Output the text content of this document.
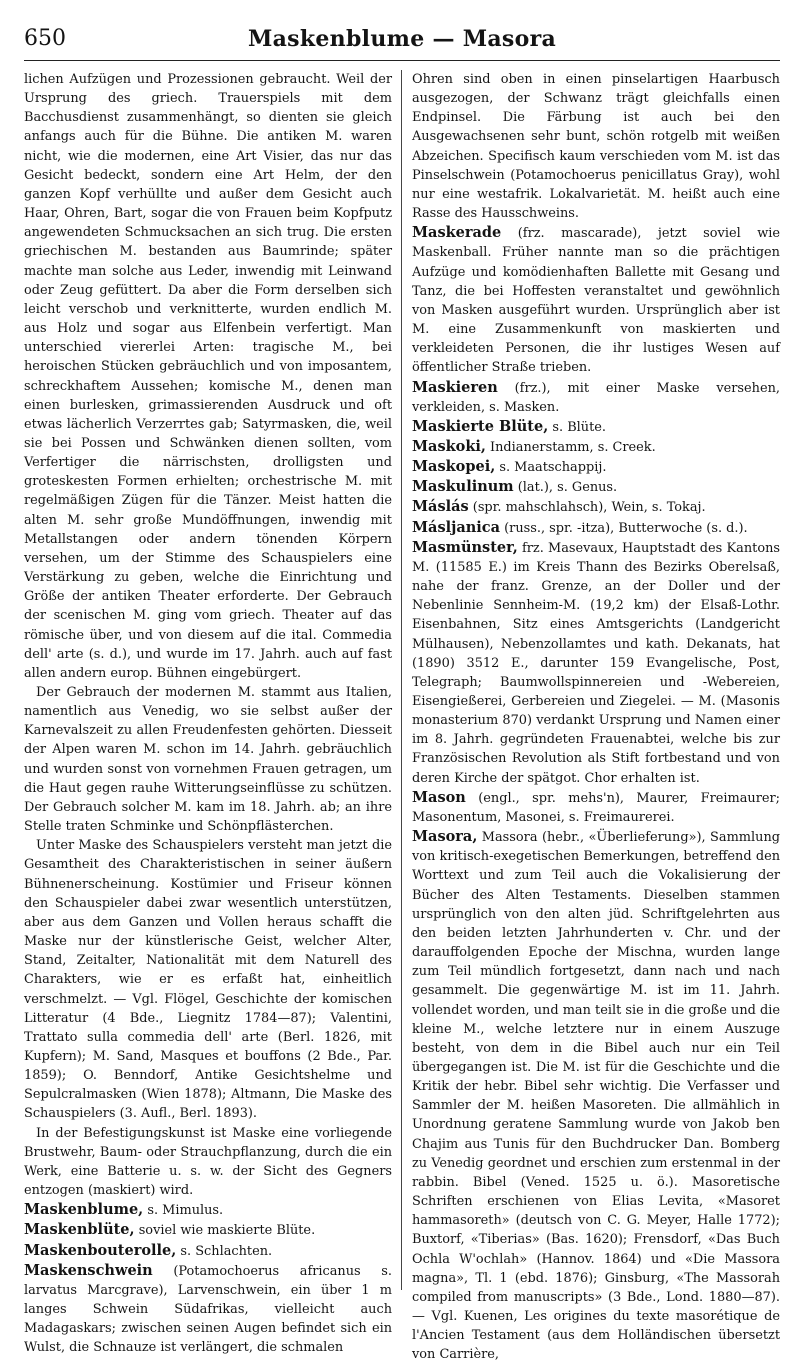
650	Maskenblume — Masora

lichen Aufzügen und Prozessionen gebraucht. Weil der Ursprung des griech. Trauerspiels mit dem Bacchusdienst zusammenhängt, so dienten sie gleich anfangs auch für die Bühne. Die antiken M. waren nicht, wie die modernen, eine Art Visier, das nur das Gesicht bedeckt, sondern eine Art Helm, der den ganzen Kopf verhüllte und außer dem Gesicht auch Haar, Ohren, Bart, sogar die von Frauen beim Kopfputz angewendeten Schmucksachen an sich trug. Die ersten griechischen M. bestanden aus Baumrinde; später machte man solche aus Leder, inwendig mit Leinwand oder Zeug gefüttert. Da aber die Form derselben sich leicht verschob und verknitterte, wurden endlich M. aus Holz und sogar aus Elfenbein verfertigt. Man unterschied viererlei Arten: tragische M., bei heroischen Stücken gebräuchlich und von imposantem, schreckhaftem Aussehen; komische M., denen man einen burlesken, grimassierenden Ausdruck und oft etwas lächerlich Verzerrtes gab; Satyrmasken, die, weil sie bei Possen und Schwänken dienen sollten, vom Verfertiger die närrischsten, drolligsten und groteskesten Formen erhielten; orchestrische M. mit regelmäßigen Zügen für die Tänzer. Meist hatten die alten M. sehr große Mundöffnungen, inwendig mit Metallstangen oder andern tönenden Körpern versehen, um der Stimme des Schauspielers eine Verstärkung zu geben, welche die Einrichtung und Größe der antiken Theater erforderte. Der Gebrauch der scenischen M. ging vom griech. Theater auf das römische über, und von diesem auf die ital. Commedia dell' arte (s. d.), und wurde im 17. Jahrh. auch auf fast allen andern europ. Bühnen eingebürgert.

Der Gebrauch der modernen M. stammt aus Italien, namentlich aus Venedig, wo sie selbst außer der Karnevalszeit zu allen Freudenfesten gehörten. Diesseit der Alpen waren M. schon im 14. Jahrh. gebräuchlich und wurden sonst von vornehmen Frauen getragen, um die Haut gegen rauhe Witterungseinflüsse zu schützen. Der Gebrauch solcher M. kam im 18. Jahrh. ab; an ihre Stelle traten Schminke und Schönpflästerchen.

Unter Maske des Schauspielers versteht man jetzt die Gesamtheit des Charakteristischen in seiner äußern Bühnenerscheinung. Kostümier und Friseur können den Schauspieler dabei zwar wesentlich unterstützen, aber aus dem Ganzen und Vollen heraus schafft die Maske nur der künstlerische Geist, welcher Alter, Stand, Zeitalter, Nationalität mit dem Naturell des Charakters, wie er es erfaßt hat, einheitlich verschmelzt. — Vgl. Flögel, Geschichte der komischen Litteratur (4 Bde., Liegnitz 1784—87); Valentini, Trattato sulla commedia dell' arte (Berl. 1826, mit Kupfern); M. Sand, Masques et bouffons (2 Bde., Par. 1859); O. Benndorf, Antike Gesichtshelme und Sepulcralmasken (Wien 1878); Altmann, Die Maske des Schauspielers (3. Aufl., Berl. 1893).

In der Befestigungskunst ist Maske eine vorliegende Brustwehr, Baum- oder Strauchpflanzung, durch die ein Werk, eine Batterie u. s. w. der Sicht des Gegners entzogen (maskiert) wird.

Maskenblume, s. Mimulus.

Maskenblüte, soviel wie maskierte Blüte.

Maskenbouterolle, s. Schlachten.

Maskenschwein (Potamochoerus africanus s. larvatus Marcgrave), Larvenschwein, ein über 1 m langes Schwein Südafrikas, vielleicht auch Madagaskars; zwischen seinen Augen befindet sich ein Wulst, die Schnauze ist verlängert, die schmalen

Ohren sind oben in einen pinselartigen Haarbusch ausgezogen, der Schwanz trägt gleichfalls einen Endpinsel. Die Färbung ist auch bei den Ausgewachsenen sehr bunt, schön rotgelb mit weißen Abzeichen. Specifisch kaum verschieden vom M. ist das Pinselschwein (Potamochoerus penicillatus Gray), wohl nur eine westafrik. Lokalvarietät. M. heißt auch eine Rasse des Hausschweins.

Maskerade (frz. mascarade), jetzt soviel wie Maskenball. Früher nannte man so die prächtigen Aufzüge und komödienhaften Ballette mit Gesang und Tanz, die bei Hoffesten veranstaltet und gewöhnlich von Masken ausgeführt wurden. Ursprünglich aber ist M. eine Zusammenkunft von maskierten und verkleideten Personen, die ihr lustiges Wesen auf öffentlicher Straße trieben.

Maskieren (frz.), mit einer Maske versehen, verkleiden, s. Masken.

Maskierte Blüte, s. Blüte.

Maskoki, Indianerstamm, s. Creek.

Maskopei, s. Maatschappij.

Maskulinum (lat.), s. Genus.

Máslás (spr. mahschlahsch), Wein, s. Tokaj.

Másljanica (russ., spr. -itza), Butterwoche (s. d.).

Masmünster, frz. Masevaux, Hauptstadt des Kantons M. (11585 E.) im Kreis Thann des Bezirks Oberelsaß, nahe der franz. Grenze, an der Doller und der Nebenlinie Sennheim-M. (19,2 km) der Elsaß-Lothr. Eisenbahnen, Sitz eines Amtsgerichts (Landgericht Mülhausen), Nebenzollamtes und kath. Dekanats, hat (1890) 3512 E., darunter 159 Evangelische, Post, Telegraph; Baumwollspinnereien und -Webereien, Eisengießerei, Gerbereien und Ziegelei. — M. (Masonis monasterium 870) verdankt Ursprung und Namen einer im 8. Jahrh. gegründeten Frauenabtei, welche bis zur Französischen Revolution als Stift fortbestand und von deren Kirche der spätgot. Chor erhalten ist.

Mason (engl., spr. mehs'n), Maurer, Freimaurer; Masonentum, Masonei, s. Freimaurerei.

Masora, Massora (hebr., «Überlieferung»), Sammlung von kritisch-exegetischen Bemerkungen, betreffend den Worttext und zum Teil auch die Vokalisierung der Bücher des Alten Testaments. Dieselben stammen ursprünglich von den alten jüd. Schriftgelehrten aus den beiden letzten Jahrhunderten v. Chr. und der darauffolgenden Epoche der Mischna, wurden lange zum Teil mündlich fortgesetzt, dann nach und nach gesammelt. Die gegenwärtige M. ist im 11. Jahrh. vollendet worden, und man teilt sie in die große und die kleine M., welche letztere nur in einem Auszuge besteht, von dem in die Bibel auch nur ein Teil übergegangen ist. Die M. ist für die Geschichte und die Kritik der hebr. Bibel sehr wichtig. Die Verfasser und Sammler der M. heißen Masoreten. Die allmählich in Unordnung geratene Sammlung wurde von Jakob ben Chajim aus Tunis für den Buchdrucker Dan. Bomberg zu Venedig geordnet und erschien zum erstenmal in der rabbin. Bibel (Vened. 1525 u. ö.). Masoretische Schriften erschienen von Elias Levita, «Masoret hammasoreth» (deutsch von C. G. Meyer, Halle 1772); Buxtorf, «Tiberias» (Bas. 1620); Frensdorf, «Das Buch Ochla W'ochlah» (Hannov. 1864) und «Die Massora magna», Tl. 1 (ebd. 1876); Ginsburg, «The Massorah compiled from manuscripts» (3 Bde., Lond. 1880—87). — Vgl. Kuenen, Les origines du texte masorétique de l'Ancien Testament (aus dem Holländischen übersetzt von Carrière,
